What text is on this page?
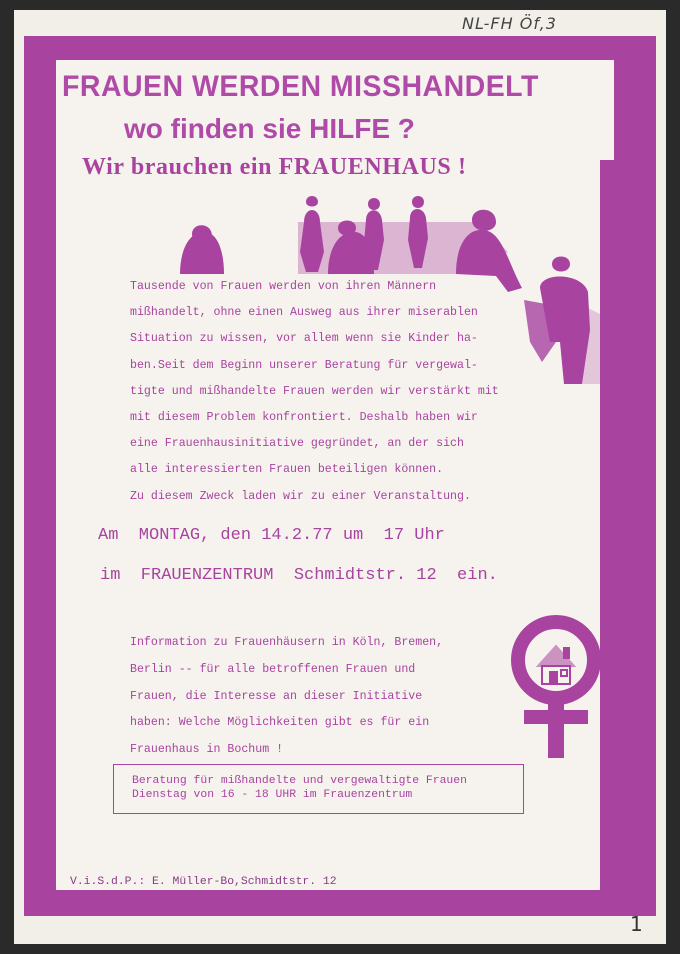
NL-FH Öf,3
FRAUEN WERDEN MISSHANDELT
wo finden sie HILFE ?
Wir brauchen ein FRAUENHAUS !
Tausende von Frauen werden von ihren Männern
mißhandelt, ohne einen Ausweg aus ihrer miserablen
Situation zu wissen, vor allem wenn sie Kinder ha-
ben.Seit dem Beginn unserer Beratung für vergewal-
tigte und mißhandelte Frauen werden wir verstärkt mit
mit diesem Problem konfrontiert. Deshalb haben wir
eine Frauenhausinitiative gegründet, an der sich
alle interessierten Frauen beteiligen können.
Zu diesem Zweck laden wir zu einer Veranstaltung.
Am  MONTAG, den 14.2.77 um  17 Uhr
im  FRAUENZENTRUM  Schmidtstr. 12  ein.
Information zu Frauenhäusern in Köln, Bremen,
Berlin -- für alle betroffenen Frauen und
Frauen, die Interesse an dieser Initiative
haben: Welche Möglichkeiten gibt es für ein
Frauenhaus in Bochum !
Beratung für mißhandelte und vergewaltigte Frauen
Dienstag von 16 - 18 UHR im Frauenzentrum
V.i.S.d.P.: E. Müller-Bo,Schmidtstr. 12
1
